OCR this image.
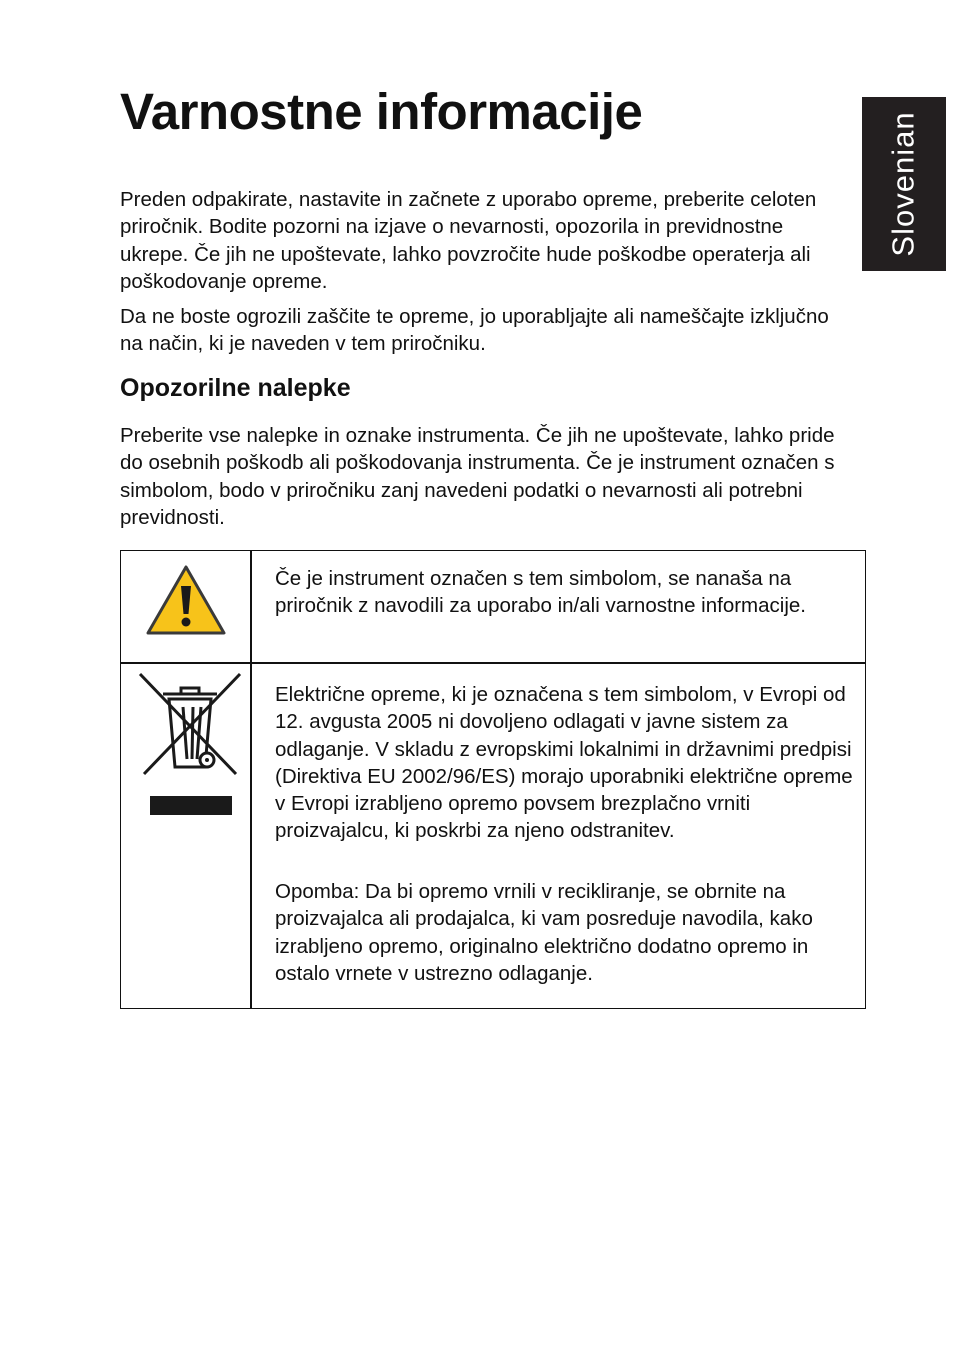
Slovenian
Varnostne informacije

Preden odpakirate, nastavite in začnete z uporabo opreme, preberite celoten priročnik. Bodite pozorni na izjave o nevarnosti, opozorila in previdnostne ukrepe. Če jih ne upoštevate, lahko povzročite hude poškodbe operaterja ali poškodovanje opreme.

Da ne boste ogrozili zaščite te opreme, jo uporabljajte ali nameščajte izključno na način, ki je naveden v tem priročniku.

Opozorilne nalepke

Preberite vse nalepke in oznake instrumenta. Če jih ne upoštevate, lahko pride do osebnih poškodb ali poškodovanja instrumenta. Če je instrument označen s simbolom, bodo v priročniku zanj navedeni podatki o nevarnosti ali potrebni previdnosti.

Če je instrument označen s tem simbolom, se nanaša na priročnik z navodili za uporabo in/ali varnostne informacije.

Električne opreme, ki je označena s tem simbolom, v Evropi od 12. avgusta 2005 ni dovoljeno odlagati v javne sistem za odlaganje. V skladu z evropskimi lokalnimi in državnimi predpisi (Direktiva EU 2002/96/ES) morajo uporabniki električne opreme v Evropi izrabljeno opremo povsem brezplačno vrniti proizvajalcu, ki poskrbi za njeno odstranitev.

Opomba: Da bi opremo vrnili v recikliranje, se obrnite na proizvajalca ali prodajalca, ki vam posreduje navodila, kako izrabljeno opremo, originalno električno dodatno opremo in ostalo vrnete v ustrezno odlaganje.
